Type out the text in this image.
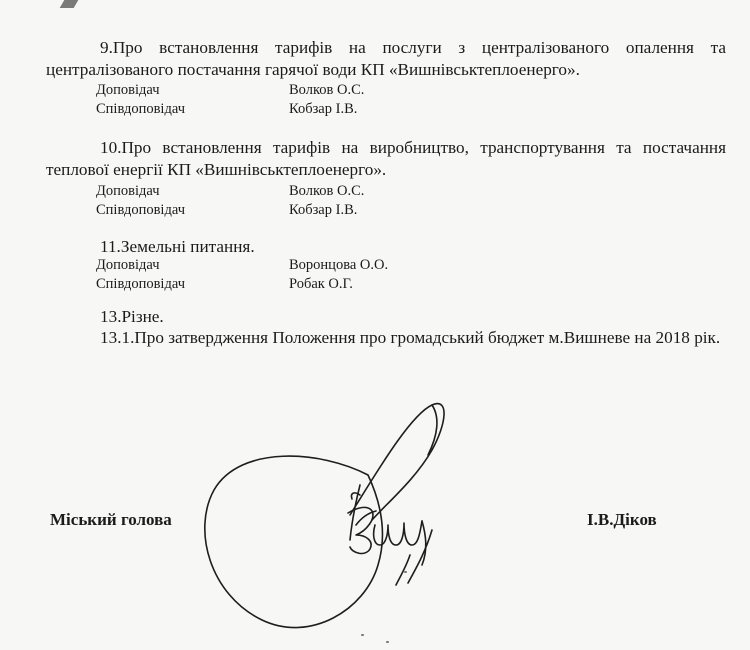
9.Про встановлення тарифів на послуги з централізованого опалення та централізованого постачання гарячої води КП «Вишнівськтеплоенерго».

Доповідач	Волков О.С.
Співдоповідач	Кобзар І.В.

10.Про встановлення тарифів на виробництво, транспортування та постачання теплової енергії КП «Вишнівськтеплоенерго».

Доповідач	Волков О.С.
Співдоповідач	Кобзар І.В.

11.Земельні питання.

Доповідач	Воронцова О.О.
Співдоповідач	Робак О.Г.

13.Різне.

13.1.Про затвердження Положення про громадський бюджет м.Вишневе на 2018 рік.

Міський голова	І.В.Діков
